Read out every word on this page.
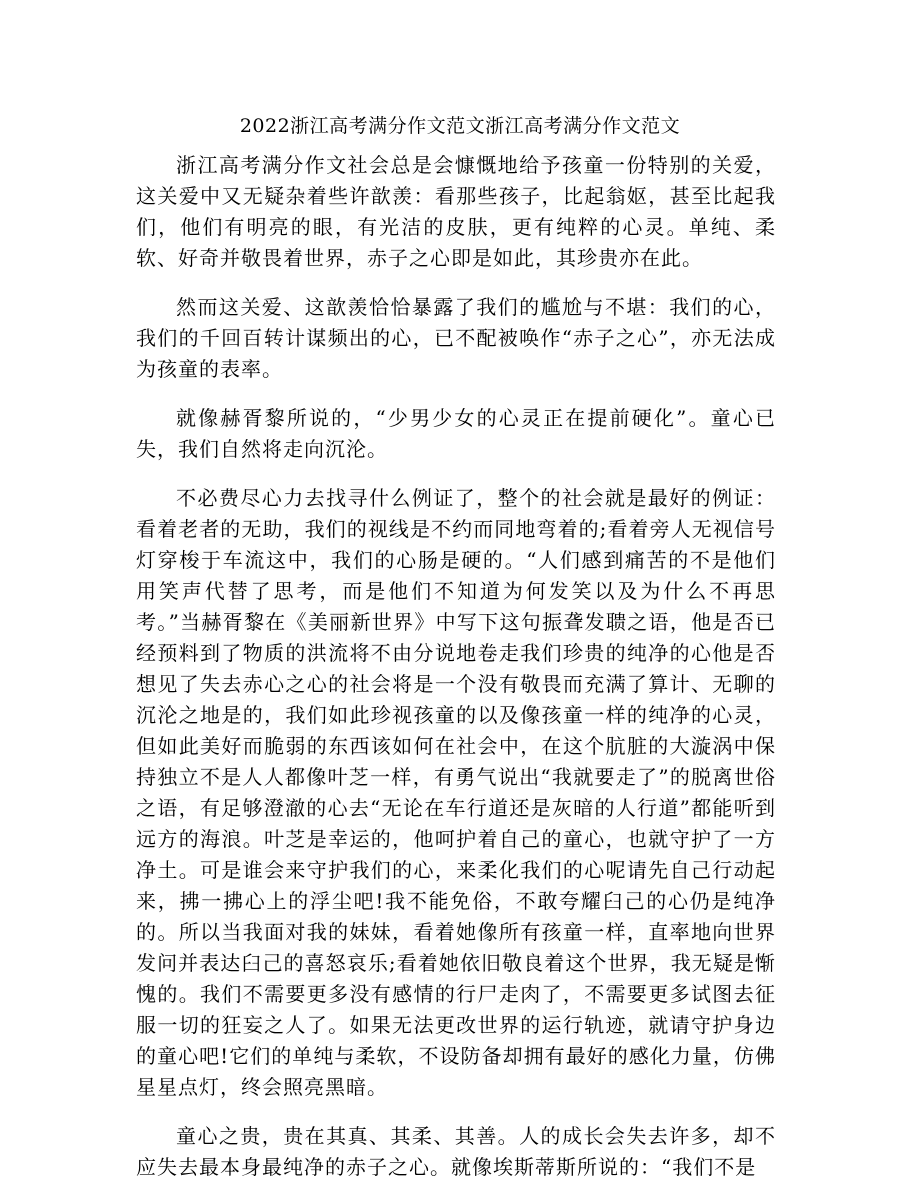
2022浙江高考满分作文范文浙江高考满分作文范文

浙江高考满分作文社会总是会慷慨地给予孩童一份特别的关爱，这关爱中又无疑杂着些许歆羡：看那些孩子，比起翁妪，甚至比起我们，他们有明亮的眼，有光洁的皮肤，更有纯粹的心灵。单纯、柔软、好奇并敬畏着世界，赤子之心即是如此，其珍贵亦在此。

然而这关爱、这歆羡恰恰暴露了我们的尴尬与不堪：我们的心，我们的千回百转计谋频出的心，已不配被唤作“赤子之心”，亦无法成为孩童的表率。

就像赫胥黎所说的，“少男少女的心灵正在提前硬化”。童心已失，我们自然将走向沉沦。

不必费尽心力去找寻什么例证了，整个的社会就是最好的例证：看着老者的无助，我们的视线是不约而同地弯着的;看着旁人无视信号灯穿梭于车流这中，我们的心肠是硬的。“人们感到痛苦的不是他们用笑声代替了思考，而是他们不知道为何发笑以及为什么不再思考。”当赫胥黎在《美丽新世界》中写下这句振聋发聩之语，他是否已经预料到了物质的洪流将不由分说地卷走我们珍贵的纯净的心他是否想见了失去赤心之心的社会将是一个没有敬畏而充满了算计、无聊的沉沦之地是的，我们如此珍视孩童的以及像孩童一样的纯净的心灵，但如此美好而脆弱的东西该如何在社会中，在这个肮脏的大漩涡中保持独立不是人人都像叶芝一样，有勇气说出“我就要走了”的脱离世俗之语，有足够澄澈的心去“无论在车行道还是灰暗的人行道”都能听到远方的海浪。叶芝是幸运的，他呵护着自己的童心，也就守护了一方净土。可是谁会来守护我们的心，来柔化我们的心呢请先自己行动起来，拂一拂心上的浮尘吧!我不能免俗，不敢夸耀臼己的心仍是纯净的。所以当我面对我的妹妹，看着她像所有孩童一样，直率地向世界发问并表达臼己的喜怒哀乐;看着她依旧敬良着这个世界，我无疑是惭愧的。我们不需要更多没有感情的行尸走肉了，不需要更多试图去征服一切的狂妄之人了。如果无法更改世界的运行轨迹，就请守护身边的童心吧!它们的单纯与柔软，不设防备却拥有最好的感化力量，仿佛星星点灯，终会照亮黑暗。

童心之贵，贵在其真、其柔、其善。人的成长会失去许多，却不应失去最本身最纯净的赤子之心。就像埃斯蒂斯所说的：“我们不是
